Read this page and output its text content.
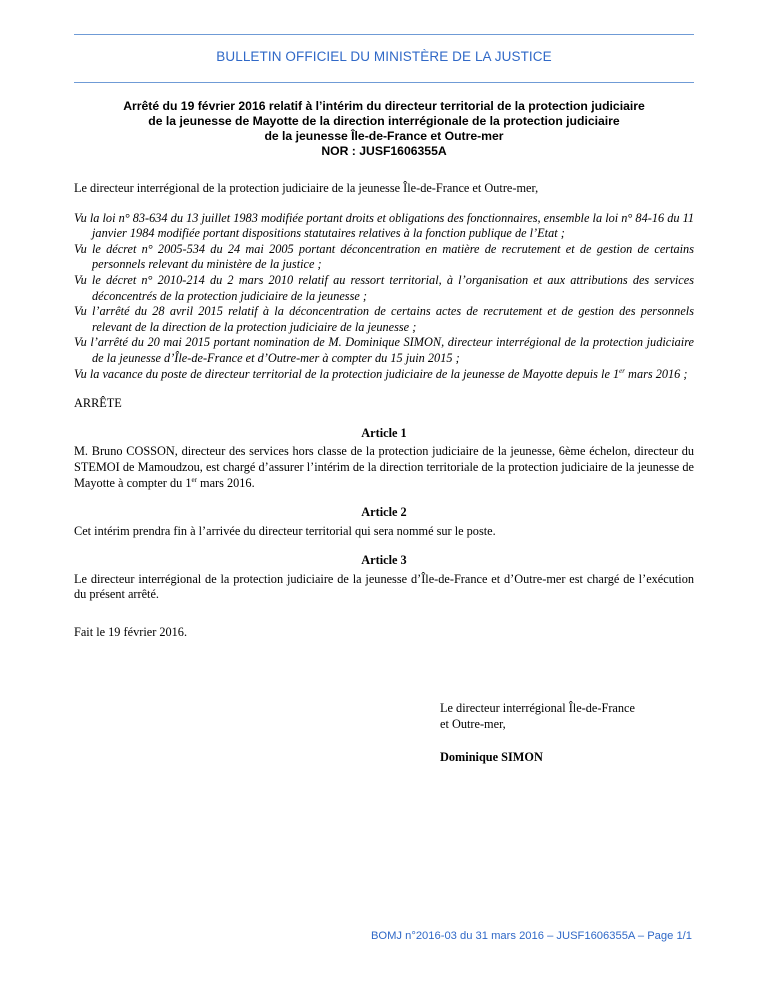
BULLETIN OFFICIEL DU MINISTÈRE DE LA JUSTICE
Arrêté du 19 février 2016 relatif à l’intérim du directeur territorial de la protection judiciaire
de la jeunesse de Mayotte de la direction interrégionale de la protection judiciaire
de la jeunesse Île-de-France et Outre-mer
NOR : JUSF1606355A

Le directeur interrégional de la protection judiciaire de la jeunesse Île-de-France et Outre-mer,

Vu la loi n° 83-634 du 13 juillet 1983 modifiée portant droits et obligations des fonctionnaires, ensemble la loi n° 84-16 du 11 janvier 1984 modifiée portant dispositions statutaires relatives à la fonction publique de l’Etat ;

Vu le décret n° 2005-534 du 24 mai 2005 portant déconcentration en matière de recrutement et de gestion de certains personnels relevant du ministère de la justice ;

Vu le décret n° 2010-214 du 2 mars 2010 relatif au ressort territorial, à l’organisation et aux attributions des services déconcentrés de la protection judiciaire de la jeunesse ;

Vu l’arrêté du 28 avril 2015 relatif à la déconcentration de certains actes de recrutement et de gestion des personnels relevant de la direction de la protection judiciaire de la jeunesse ;

Vu l’arrêté du 20 mai 2015 portant nomination de M. Dominique SIMON, directeur interrégional de la protection judiciaire de la jeunesse d’Île-de-France et d’Outre-mer à compter du 15 juin 2015 ;

Vu la vacance du poste de directeur territorial de la protection judiciaire de la jeunesse de Mayotte depuis le 1er mars 2016 ;

ARRÊTE

Article 1

M. Bruno COSSON, directeur des services hors classe de la protection judiciaire de la jeunesse, 6ème échelon, directeur du STEMOI de Mamoudzou, est chargé d’assurer l’intérim de la direction territoriale de la protection judiciaire de la jeunesse de Mayotte à compter du 1er mars 2016.

Article 2

Cet intérim prendra fin à l’arrivée du directeur territorial qui sera nommé sur le poste.

Article 3

Le directeur interrégional de la protection judiciaire de la jeunesse d’Île-de-France et d’Outre-mer est chargé de l’exécution du présent arrêté.

Fait le 19 février 2016.

Le directeur interrégional Île-de-France

et Outre-mer,

Dominique SIMON

BOMJ n°2016-03 du 31 mars 2016 – JUSF1606355A – Page 1/1
